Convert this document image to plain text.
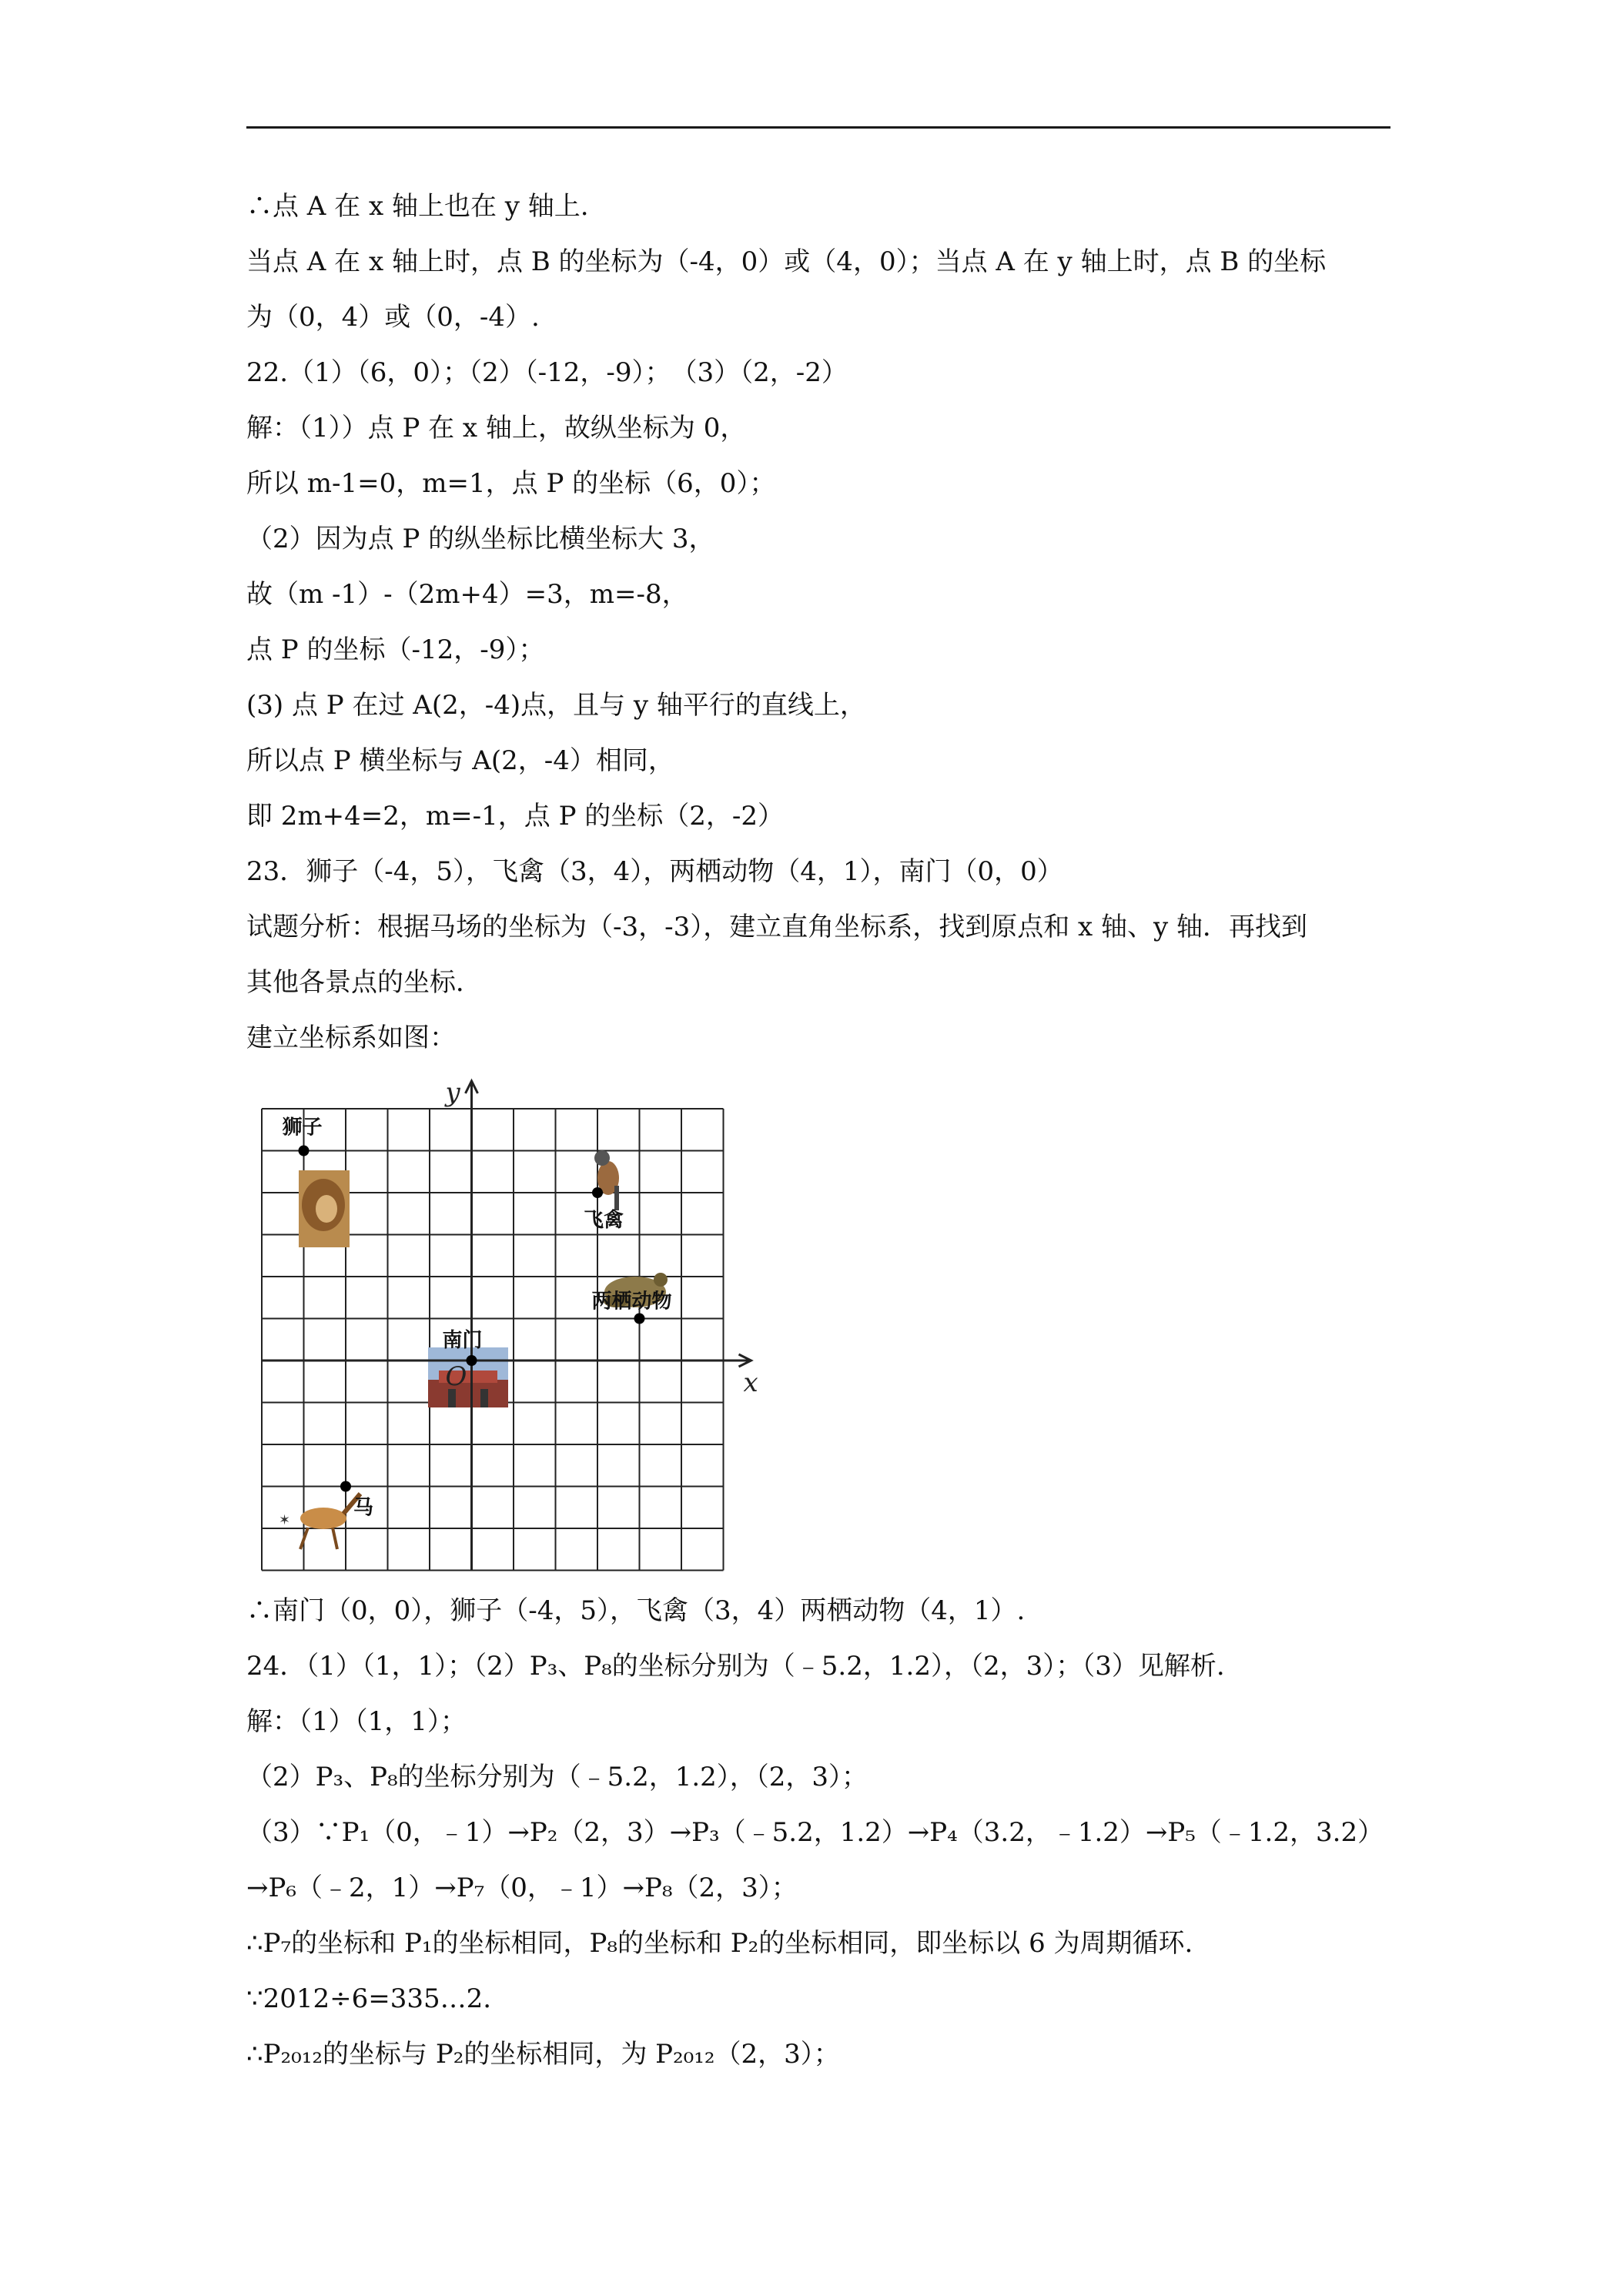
∴点 A 在 x 轴上也在 y 轴上.
当点 A 在 x 轴上时，点 B 的坐标为（-4，0）或（4，0）；当点 A 在 y 轴上时，点 B 的坐标
为（0，4）或（0，-4）.
22.（1）（6，0）；（2）（-12，-9）；　（3）（2，-2）
解：（1））点 P 在 x 轴上，故纵坐标为 0，
所以 m-1=0，m=1，点 P 的坐标（6，0）；
（2）因为点 P 的纵坐标比横坐标大 3，
故（m -1）-（2m+4）=3，m=-8，
点 P 的坐标（-12，-9）；
(3) 点 P 在过 A(2，-4)点，且与 y 轴平行的直线上，
所以点 P 横坐标与 A(2，-4）相同，
即 2m+4=2，m=-1，点 P 的坐标（2，-2）
23．狮子（-4，5），飞禽（3，4），两栖动物（4，1），南门（0，0）
试题分析：根据马场的坐标为（-3，-3），建立直角坐标系，找到原点和 x 轴、y 轴．再找到
其他各景点的坐标．
建立坐标系如图：
✶
x
y
O
狮子
飞禽
两栖动物
南门
马
∴南门（0，0），狮子（-4，5），飞禽（3，4）两栖动物（4，1）.
24．（1）（1，1）；（2）P₃、P₈的坐标分别为（﹣5.2，1.2），（2，3）；（3）见解析.
解：（1）（1，1）；
（2）P₃、P₈的坐标分别为（﹣5.2，1.2），（2，3）；
（3）∵P₁（0，﹣1）→P₂（2，3）→P₃（﹣5.2，1.2）→P₄（3.2，﹣1.2）→P₅（﹣1.2，3.2）
→P₆（﹣2，1）→P₇（0，﹣1）→P₈（2，3）；
∴P₇的坐标和 P₁的坐标相同，P₈的坐标和 P₂的坐标相同，即坐标以 6 为周期循环.
∵2012÷6=335…2.
∴P₂₀₁₂的坐标与 P₂的坐标相同，为 P₂₀₁₂（2，3）；
